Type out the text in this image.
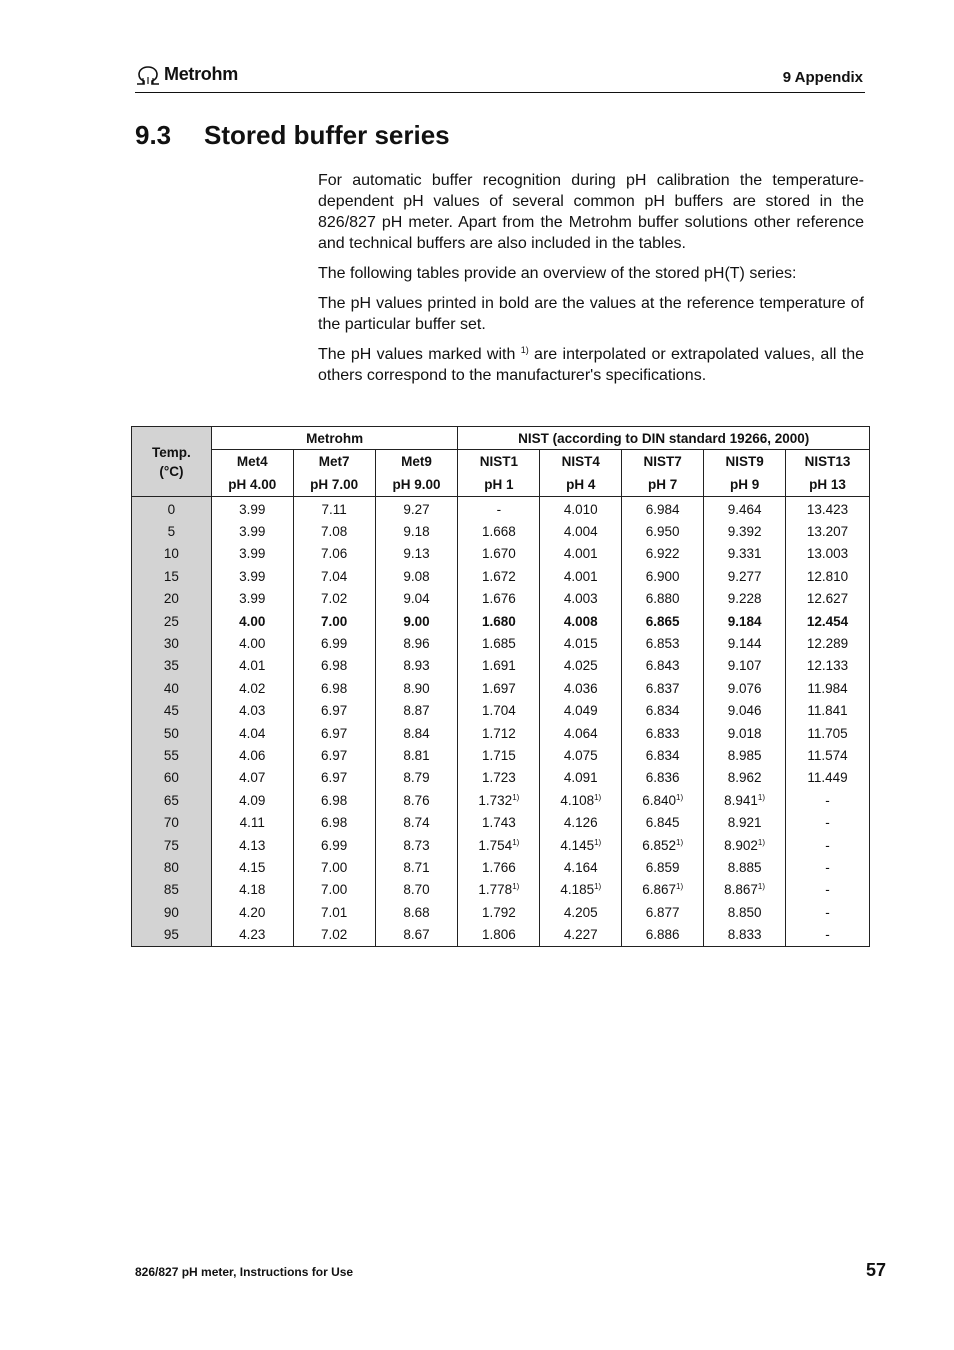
Metrohm	9 Appendix
9.3 Stored buffer series

For automatic buffer recognition during pH calibration the temperature-dependent pH values of several common pH buffers are stored in the 826/827 pH meter. Apart from the Metrohm buffer solutions other reference and technical buffers are also included in the tables.

The following tables provide an overview of the stored pH(T) series:

The pH values printed in bold are the values at the reference temperature of the particular buffer set.

The pH values marked with $^{1)}$ are interpolated or extrapolated values, all the others correspond to the manufacturer's specifications.

Temp.
(°C)	Metrohm			NIST (according to DIN standard 19266, 2000)				
	Met4	Met7	Met9	NIST1	NIST4	NIST7	NIST9	NIST13
	pH 4.00	pH 7.00	pH 9.00	pH 1	pH 4	pH 7	pH 9	pH 13
0	3.99	7.11	9.27	-	4.010	6.984	9.464	13.423
5	3.99	7.08	9.18	1.668	4.004	6.950	9.392	13.207
10	3.99	7.06	9.13	1.670	4.001	6.922	9.331	13.003
15	3.99	7.04	9.08	1.672	4.001	6.900	9.277	12.810
20	3.99	7.02	9.04	1.676	4.003	6.880	9.228	12.627
25	4.00	7.00	9.00	1.680	4.008	6.865	9.184	12.454
30	4.00	6.99	8.96	1.685	4.015	6.853	9.144	12.289
35	4.01	6.98	8.93	1.691	4.025	6.843	9.107	12.133
40	4.02	6.98	8.90	1.697	4.036	6.837	9.076	11.984
45	4.03	6.97	8.87	1.704	4.049	6.834	9.046	11.841
50	4.04	6.97	8.84	1.712	4.064	6.833	9.018	11.705
55	4.06	6.97	8.81	1.715	4.075	6.834	8.985	11.574
60	4.07	6.97	8.79	1.723	4.091	6.836	8.962	11.449
65	4.09	6.98	8.76	1.732$^{1)}$	4.108$^{1)}$	6.840$^{1)}$	8.941$^{1)}$	-
70	4.11	6.98	8.74	1.743	4.126	6.845	8.921	-
75	4.13	6.99	8.73	1.754$^{1)}$	4.145$^{1)}$	6.852$^{1)}$	8.902$^{1)}$	-
80	4.15	7.00	8.71	1.766	4.164	6.859	8.885	-
85	4.18	7.00	8.70	1.778$^{1)}$	4.185$^{1)}$	6.867$^{1)}$	8.867$^{1)}$	-
90	4.20	7.01	8.68	1.792	4.205	6.877	8.850	-
95	4.23	7.02	8.67	1.806	4.227	6.886	8.833	-
826/827 pH meter, Instructions for Use	57
